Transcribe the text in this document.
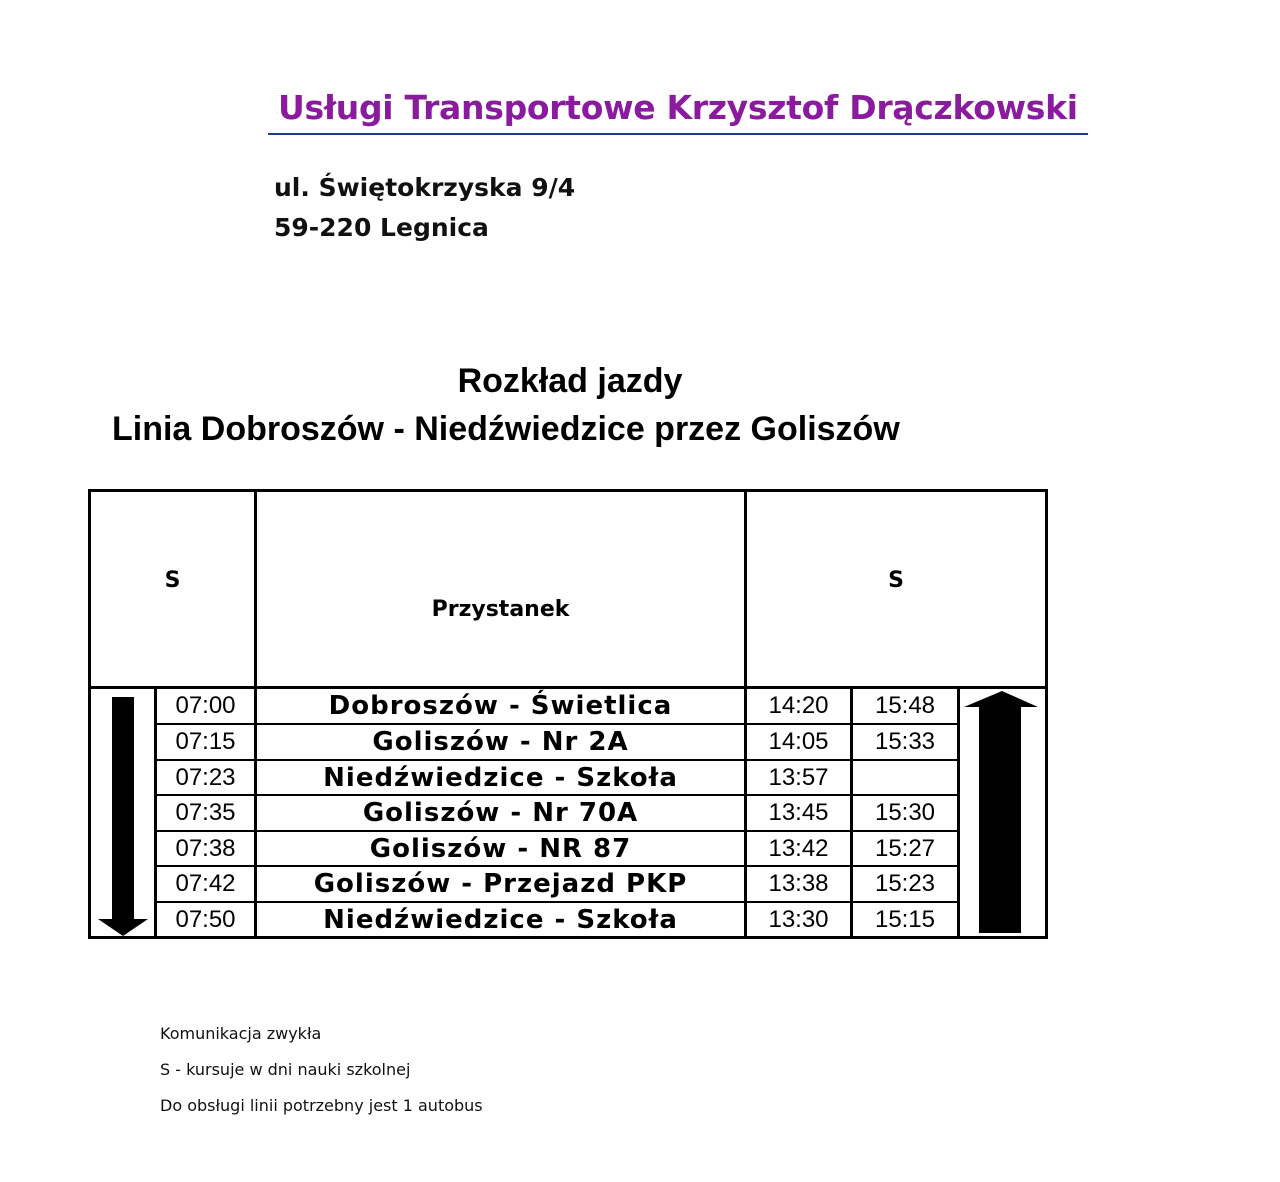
Usługi Transportowe Krzysztof Drączkowski
ul. Świętokrzyska 9/4
59-220 Legnica
Rozkład jazdy
Linia Dobroszów - Niedźwiedzice przez Goliszów
S
Przystanek
S
07:00	Dobroszów - Świetlica	14:20	15:48
07:15	Goliszów - Nr 2A	14:05	15:33
07:23	Niedźwiedzice - Szkoła	13:57
07:35	Goliszów - Nr 70A	13:45	15:30
07:38	Goliszów - NR 87	13:42	15:27
07:42	Goliszów - Przejazd PKP	13:38	15:23
07:50	Niedźwiedzice - Szkoła	13:30	15:15
Komunikacja zwykła
S - kursuje w dni nauki szkolnej
Do obsługi linii potrzebny jest 1 autobus
